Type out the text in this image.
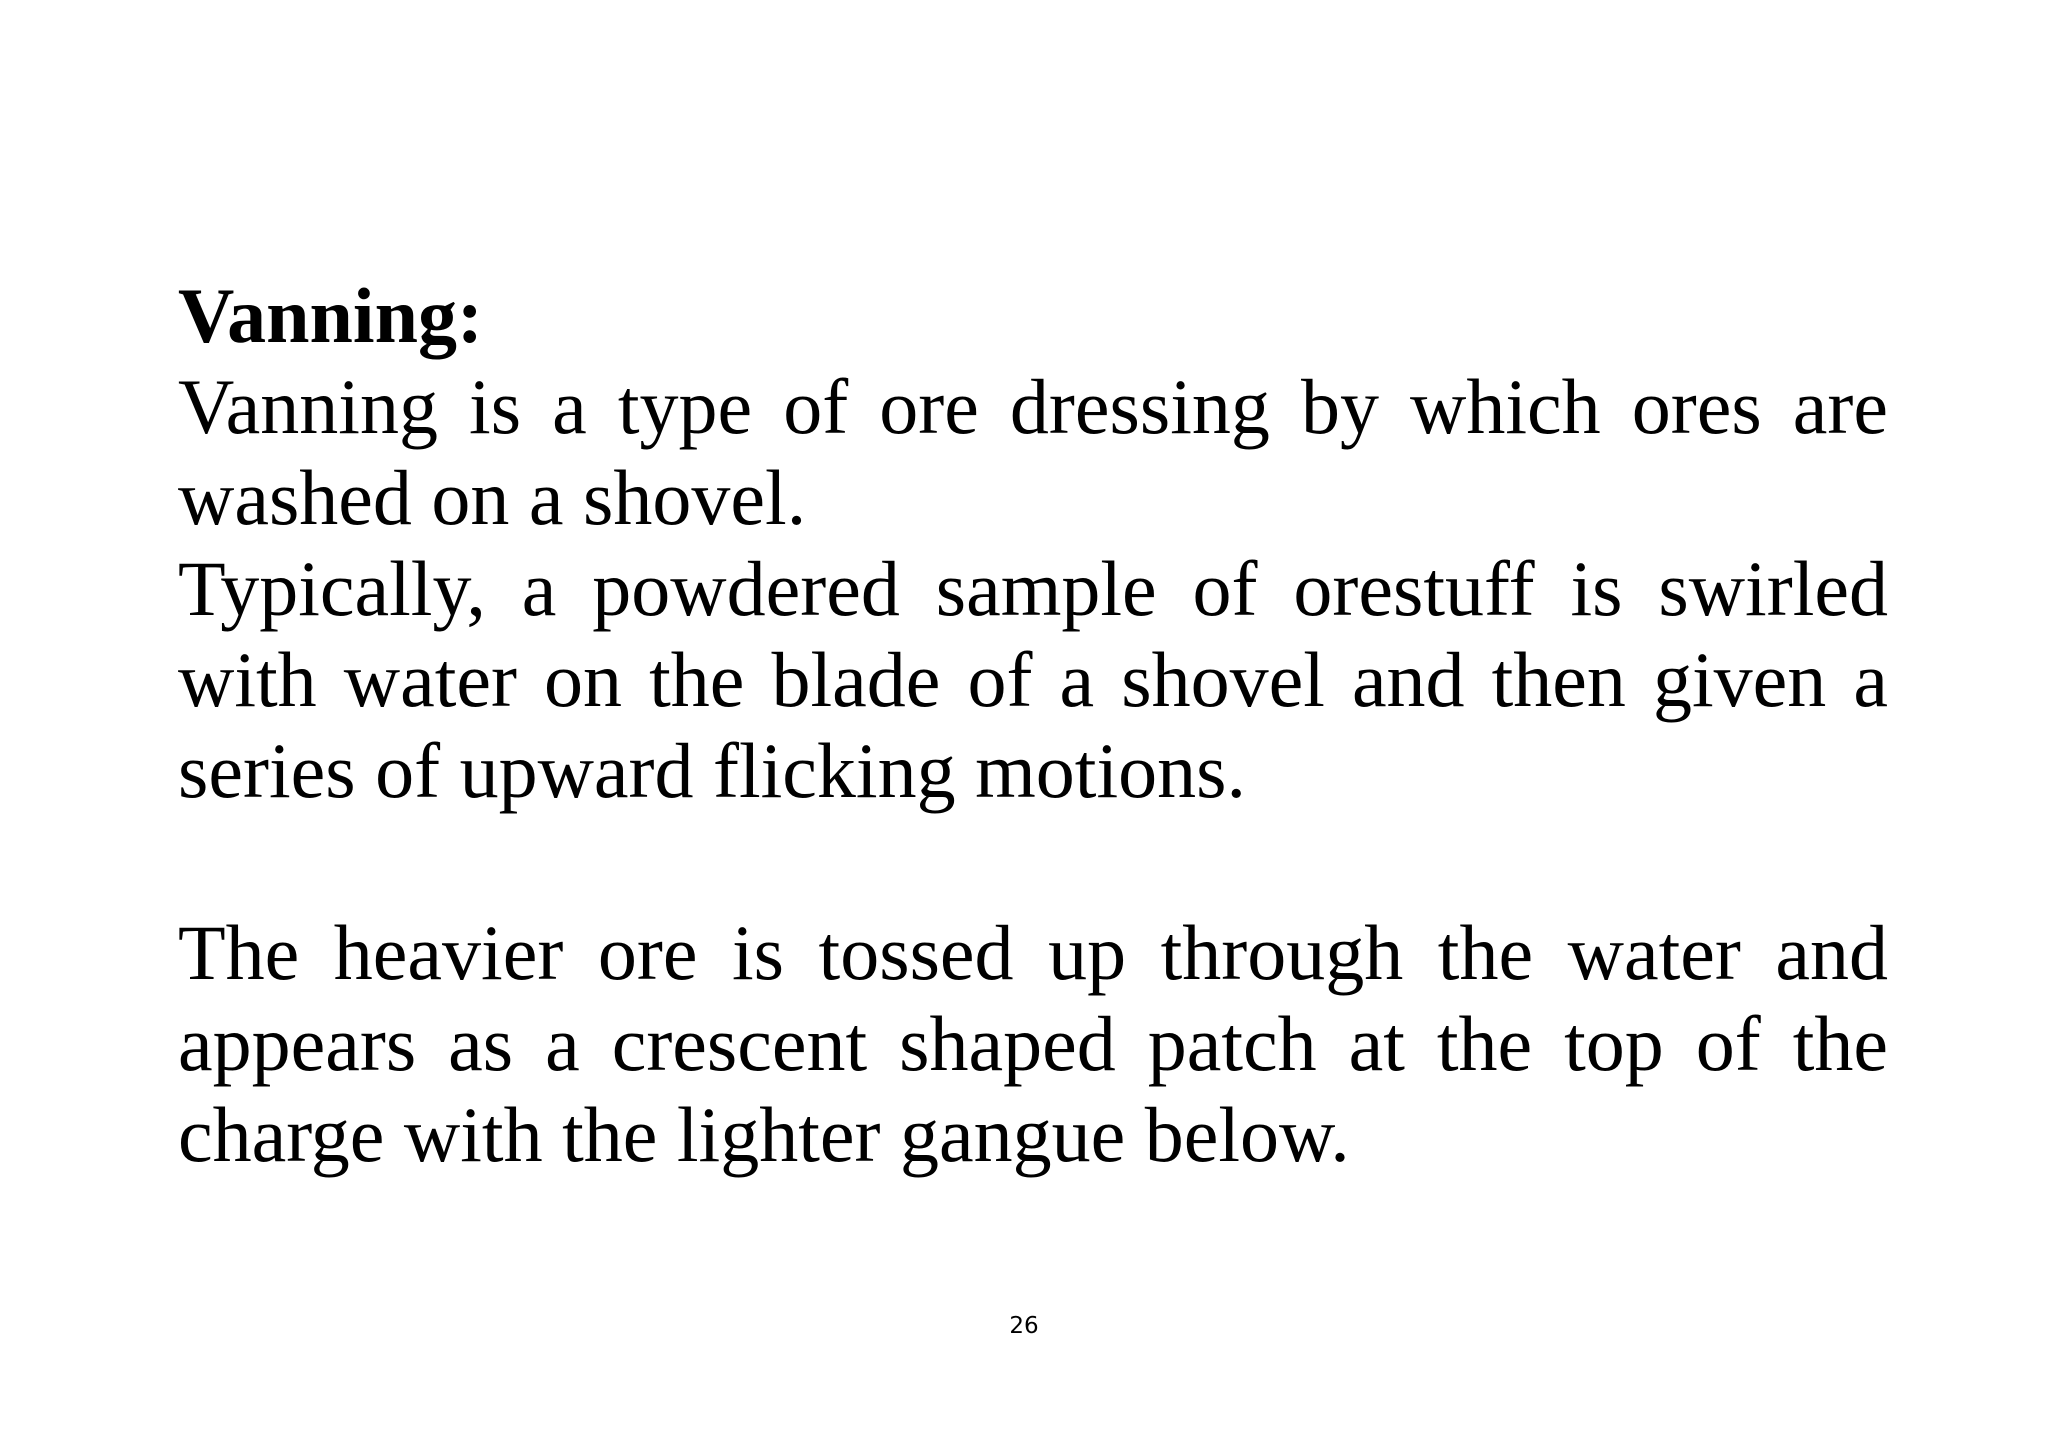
Vanning:

Vanning is a type of ore dressing by which ores are washed on a shovel.

Typically, a powdered sample of orestuff is swirled with water on the blade of a shovel and then given a series of upward flicking motions.

The heavier ore is tossed up through the water and appears as a crescent shaped patch at the top of the charge with the lighter gangue below.

26
